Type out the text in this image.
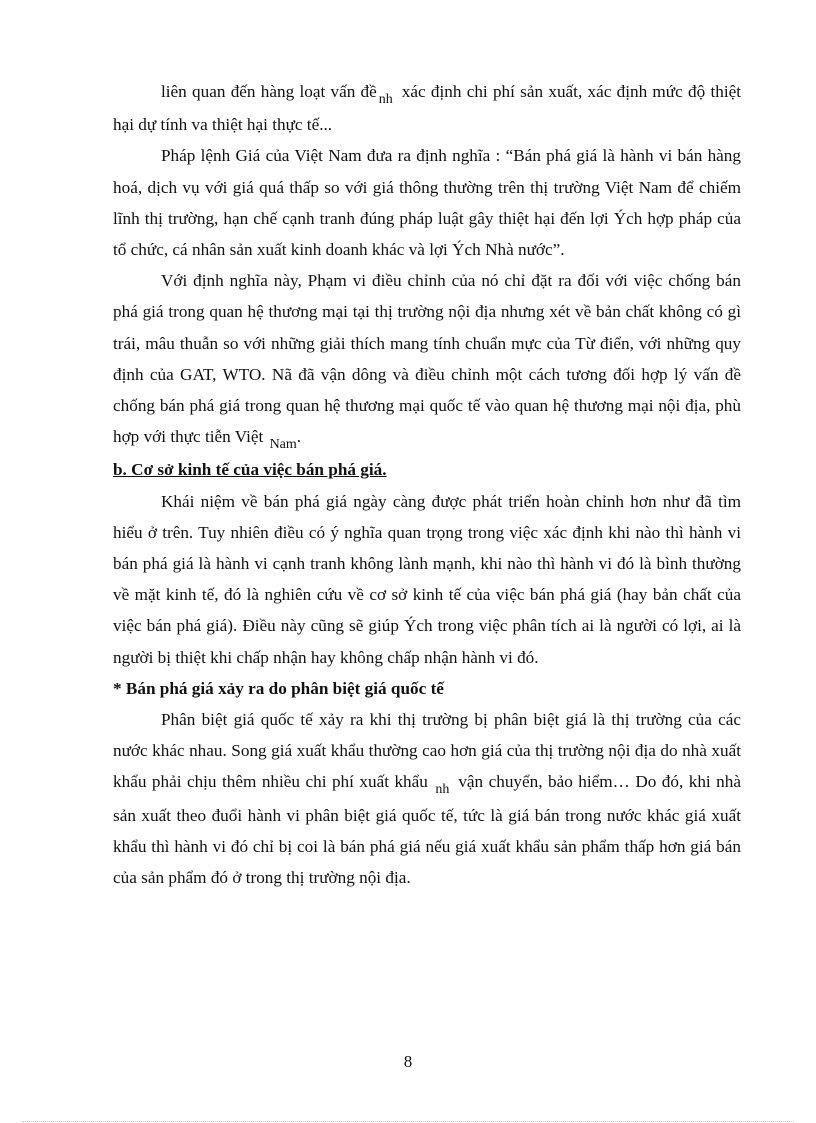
liên quan đến hàng loạt vấn đề $_{nh}$ xác định chi phí sản xuất, xác định mức độ thiệt hại dự tính va thiệt hại thực tế...

Pháp lệnh Giá của Việt Nam đưa ra định nghĩa : “Bán phá giá là hành vi bán hàng hoá, dịch vụ với giá quá thấp so với giá thông thường trên thị trường Việt Nam để chiếm lĩnh thị trường, hạn chế cạnh tranh đúng pháp luật gây thiệt hại đến lợi Ých hợp pháp của tổ chức, cá nhân sản xuất kinh doanh khác và lợi Ých Nhà nước”.

Với định nghĩa này, Phạm vi điều chỉnh của nó chỉ đặt ra đối với việc chống bán phá giá trong quan hệ thương mại tại thị trường nội địa nhưng xét về bản chất không có gì trái, mâu thuẫn so với những giải thích mang tính chuẩn mực của Từ điển, với những quy định của GAT, WTO. Nã đã vận dông và điều chỉnh một cách tương đối hợp lý vấn đề chống bán phá giá trong quan hệ thương mại quốc tế vào quan hệ thương mại nội địa, phù hợp với thực tiễn Việt $_{Nam}$.

b. Cơ sở kinh tế của việc bán phá giá.

Khái niệm về bán phá giá ngày càng được phát triển hoàn chỉnh hơn như đã tìm hiểu ở trên. Tuy nhiên điều có ý nghĩa quan trọng trong việc xác định khi nào thì hành vi bán phá giá là hành vi cạnh tranh không lành mạnh, khi nào thì hành vi đó là bình thường về mặt kinh tế, đó là nghiên cứu về cơ sở kinh tế của việc bán phá giá (hay bản chất của việc bán phá giá). Điều này cũng sẽ giúp Ých trong việc phân tích ai là người có lợi, ai là người bị thiệt khi chấp nhận hay không chấp nhận hành vi đó.

* Bán phá giá xảy ra do phân biệt giá quốc tế

Phân biệt giá quốc tế xảy ra khi thị trường bị phân biệt giá là thị trường của các nước khác nhau. Song giá xuất khẩu thường cao hơn giá của thị trường nội địa do nhà xuất khẩu phải chịu thêm nhiều chi phí xuất khẩu $_{nh}$ vận chuyển, bảo hiểm… Do đó, khi nhà sản xuất theo đuổi hành vi phân biệt giá quốc tế, tức là giá bán trong nước khác giá xuất khẩu thì hành vi đó chỉ bị coi là bán phá giá nếu giá xuất khẩu sản phẩm thấp hơn giá bán của sản phẩm đó ở trong thị trường nội địa.

8
